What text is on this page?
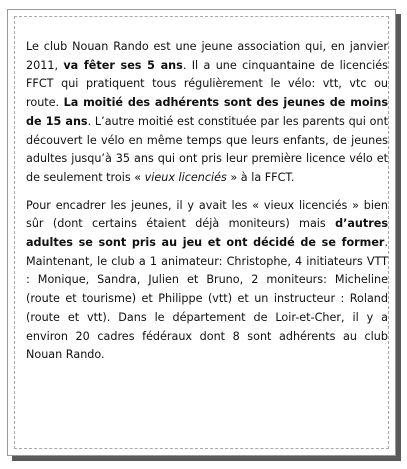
Le club Nouan Rando est une jeune association qui, en janvier 2011, va fêter ses 5 ans. Il a une cinquantaine de licenciés FFCT qui pratiquent tous régulièrement le vélo: vtt, vtc ou route. La moitié des adhérents sont des jeunes de moins de 15 ans. L’autre moitié est constituée par les parents qui ont découvert le vélo en même temps que leurs enfants, de jeunes adultes jusqu’à 35 ans qui ont pris leur première licence vélo et de seulement trois « vieux licenciés » à la FFCT.

Pour encadrer les jeunes, il y avait les « vieux licenciés » bien sûr (dont certains étaient déjà moniteurs) mais d’autres adultes se sont pris au jeu et ont décidé de se former. Maintenant, le club a 1 animateur: Christophe, 4 initiateurs VTT : Monique, Sandra, Julien et Bruno, 2 moniteurs: Micheline (route et tourisme) et Philippe (vtt) et un instructeur : Roland (route et vtt). Dans le département de Loir-et-Cher, il y a environ 20 cadres fédéraux dont 8 sont adhérents au club Nouan Rando.
